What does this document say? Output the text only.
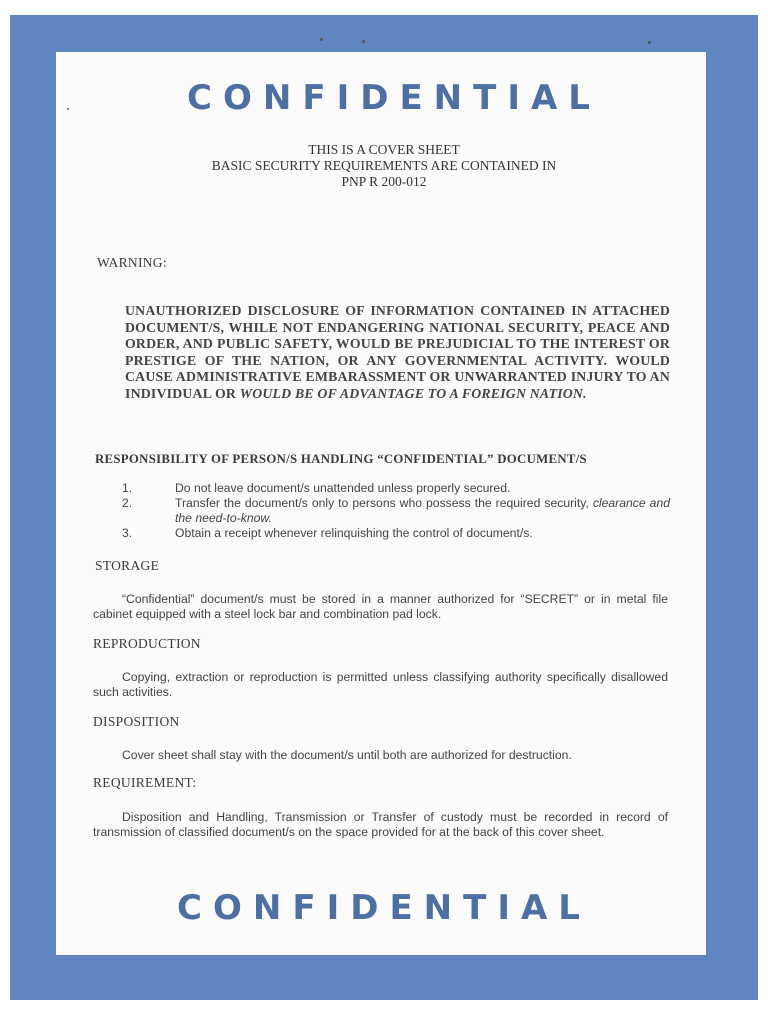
CONFIDENTIAL
THIS IS A COVER SHEET
BASIC SECURITY REQUIREMENTS ARE CONTAINED IN
PNP R 200-012
WARNING:
UNAUTHORIZED DISCLOSURE OF INFORMATION CONTAINED IN ATTACHED DOCUMENT/S, WHILE NOT ENDANGERING NATIONAL SECURITY, PEACE AND ORDER, AND PUBLIC SAFETY, WOULD BE PREJUDICIAL TO THE INTEREST OR PRESTIGE OF THE NATION, OR ANY GOVERNMENTAL ACTIVITY. WOULD CAUSE ADMINISTRATIVE EMBARASSMENT OR UNWARRANTED INJURY TO AN INDIVIDUAL OR WOULD BE OF ADVANTAGE TO A FOREIGN NATION.
RESPONSIBILITY OF PERSON/S HANDLING “CONFIDENTIAL” DOCUMENT/S
1.	Do not leave document/s unattended unless properly secured.
2.	Transfer the document/s only to persons who possess the required security, clearance and the need-to-know.
3.	Obtain a receipt whenever relinquishing the control of document/s.
STORAGE
“Confidential” document/s must be stored in a manner authorized for “SECRET” or in metal file cabinet equipped with a steel lock bar and combination pad lock.
REPRODUCTION
Copying, extraction or reproduction is permitted unless classifying authority specifically disallowed such activities.
DISPOSITION
Cover sheet shall stay with the document/s until both are authorized for destruction.
REQUIREMENT:
Disposition and Handling, Transmission or Transfer of custody must be recorded in record of transmission of classified document/s on the space provided for at the back of this cover sheet.
CONFIDENTIAL
